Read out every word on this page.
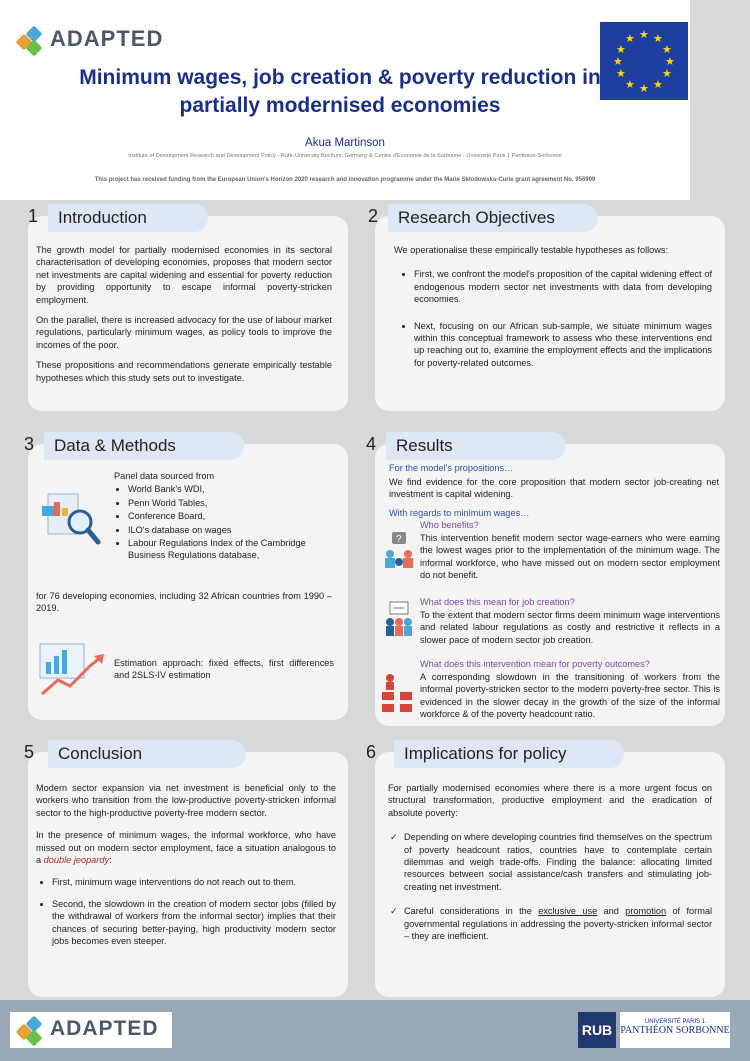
ADAPTED	★ ★
★
★
★
★
★
★
★
★
★
★
Minimum wages, job creation & poverty reduction in
partially modernised economies
Akua Martinson
Institute of Development Research and Development Policy - Ruhr-University Bochum, Germany & Centre d'Economie de la Sorbonne - Université Paris 1 Panthéon-Sorbonne
This project has received funding from the European Union's Horizon 2020 research and innovation programme under the Marie Sklodowska-Curie grant agreement No. 956909
1	Introduction

The growth model for partially modernised economies in its sectoral characterisation of developing economies, proposes that modern sector net investments are capital widening and essential for poverty reduction by providing opportunity to escape informal poverty-stricken employment.

On the parallel, there is increased advocacy for the use of labour market regulations, particularly minimum wages, as policy tools to improve the incomes of the poor.

These propositions and recommendations generate empirically testable hypotheses which this study sets out to investigate.

2	Research Objectives

We operationalise these empirically testable hypotheses as follows:

• First, we confront the model's proposition of the capital widening effect of endogenous modern sector net investments with data from developing economies.
• Next, focusing on our African sub-sample, we situate minimum wages within this conceptual framework to assess who these interventions end up reaching out to, examine the employment effects and the implications for poverty-related outcomes.
3	Data & Methods
Panel data sourced from
• World Bank's WDI,
• Penn World Tables,
• Conference Board,
• ILO's database on wages
• Labour Regulations Index of the Cambridge Business Regulations database,
for 76 developing economies, including 32 African countries from 1990 – 2019.
Estimation approach: fixed effects, first differences and 2SLS-IV estimation
4	Results
For the model's propositions…
We find evidence for the core proposition that modern sector job-creating net investment is capital widening.
With regards to minimum wages…
Who benefits?
? This intervention benefit modern sector wage-earners who were earning the lowest wages prior to the implementation of the minimum wage. The informal workforce, who have missed out on modern sector employment do not benefit.
What does this mean for job creation?
To the extent that modern sector firms deem minimum wage interventions and related labour regulations as costly and restrictive it reflects in a slower pace of modern sector job creation.
What does this intervention mean for poverty outcomes?
A corresponding slowdown in the transitioning of workers from the informal poverty-stricken sector to the modern poverty-free sector. This is evidenced in the slower decay in the growth of the size of the informal workforce & of the poverty headcount ratio.
5	Conclusion

Modern sector expansion via net investment is beneficial only to the workers who transition from the low-productive poverty-stricken informal sector to the high-productive poverty-free modern sector.

In the presence of minimum wages, the informal workforce, who have missed out on modern sector employment, face a situation analogous to a double jeopardy:

• First, minimum wage interventions do not reach out to them.
• Second, the slowdown in the creation of modern sector jobs (filled by the withdrawal of workers from the informal sector) implies that their chances of securing better-paying, high productivity modern sector jobs becomes even steeper.
6	Implications for policy

For partially modernised economies where there is a more urgent focus on structural transformation, productive employment and the eradication of absolute poverty:

✓ Depending on where developing countries find themselves on the spectrum of poverty headcount ratios, countries have to contemplate certain dilemmas and weigh trade-offs. Finding the balance: allocating limited resources between social assistance/cash transfers and stimulating job-creating net investment.
✓ Careful considerations in the exclusive use and promotion of formal governmental regulations in addressing the poverty-stricken informal sector – they are inefficient.
ADAPTED	RUB	UNIVERSITÉ PARIS 1
PANTHÉON SORBONNE
